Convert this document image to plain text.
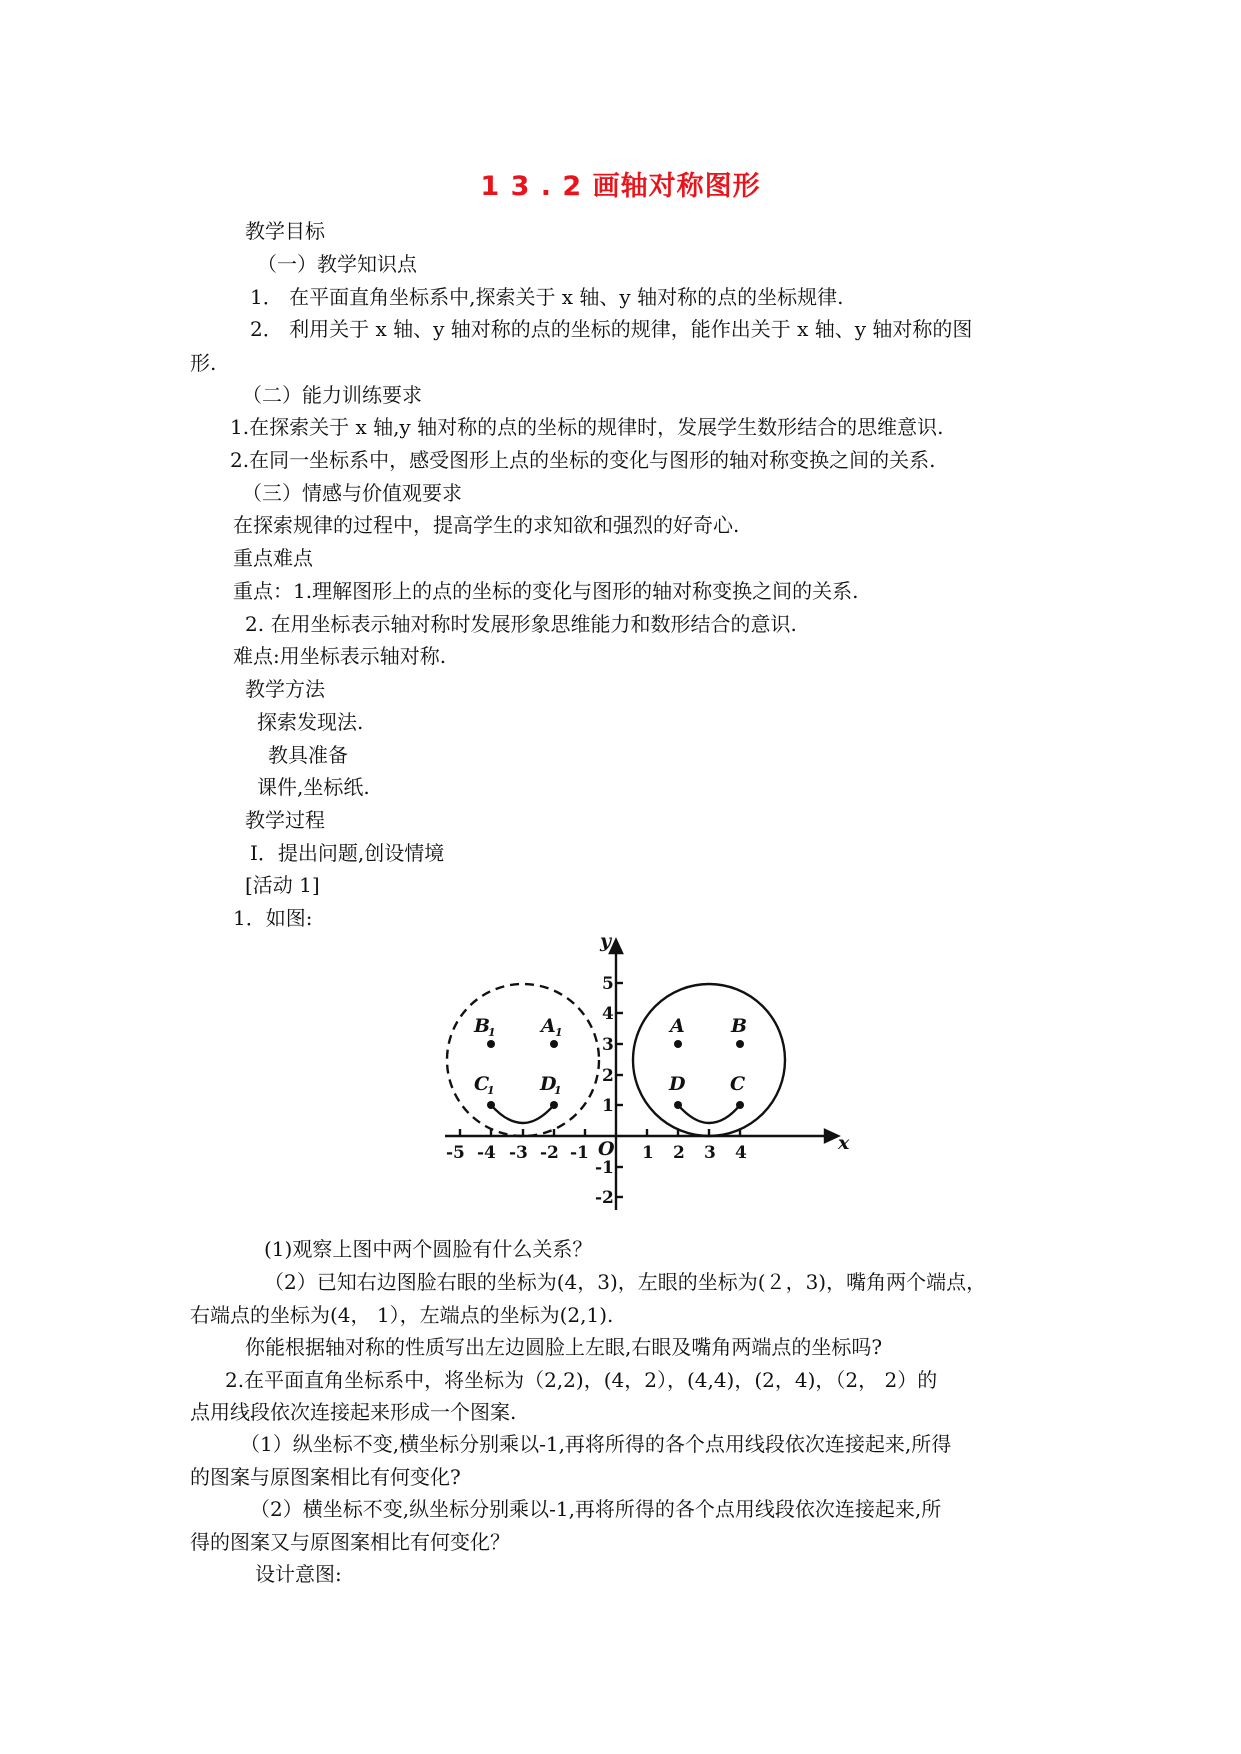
1 3 . 2 画轴对称图形
教学目标
（一）教学知识点
1． 在平面直角坐标系中,探索关于 x 轴、y 轴对称的点的坐标规律.
2． 利用关于 x 轴、y 轴对称的点的坐标的规律，能作出关于 x 轴、y 轴对称的图
形.
（二）能力训练要求
1.在探索关于 x 轴,y 轴对称的点的坐标的规律时，发展学生数形结合的思维意识.
2.在同一坐标系中，感受图形上点的坐标的变化与图形的轴对称变换之间的关系.
（三）情感与价值观要求
在探索规律的过程中，提高学生的求知欲和强烈的好奇心.
重点难点
重点：1.理解图形上的点的坐标的变化与图形的轴对称变换之间的关系.
2. 在用坐标表示轴对称时发展形象思维能力和数形结合的意识.
难点:用坐标表示轴对称.
教学方法
探索发现法.
教具准备
课件,坐标纸.
教学过程
Ⅰ．提出问题,创设情境
[活动 1]
1．如图:
x
y
O
A B
C
D
B	A
C	D
1	1
1	1
-5 -4 -3 -2 -1	1 2 3 4
1
2
3
4
5
-1
-2
(1)观察上图中两个圆脸有什么关系？
（2）已知右边图脸右眼的坐标为(4，3)，左眼的坐标为(２，3)，嘴角两个端点，
右端点的坐标为(4， 1），左端点的坐标为(2,1).
你能根据轴对称的性质写出左边圆脸上左眼,右眼及嘴角两端点的坐标吗?
2.在平面直角坐标系中，将坐标为（2,2)，(4，2），(4,4)，(2，4)，（2， 2）的
点用线段依次连接起来形成一个图案.
（1）纵坐标不变,横坐标分别乘以-1,再将所得的各个点用线段依次连接起来,所得
的图案与原图案相比有何变化?
（2）横坐标不变,纵坐标分别乘以-1,再将所得的各个点用线段依次连接起来,所
得的图案又与原图案相比有何变化？
设计意图:
